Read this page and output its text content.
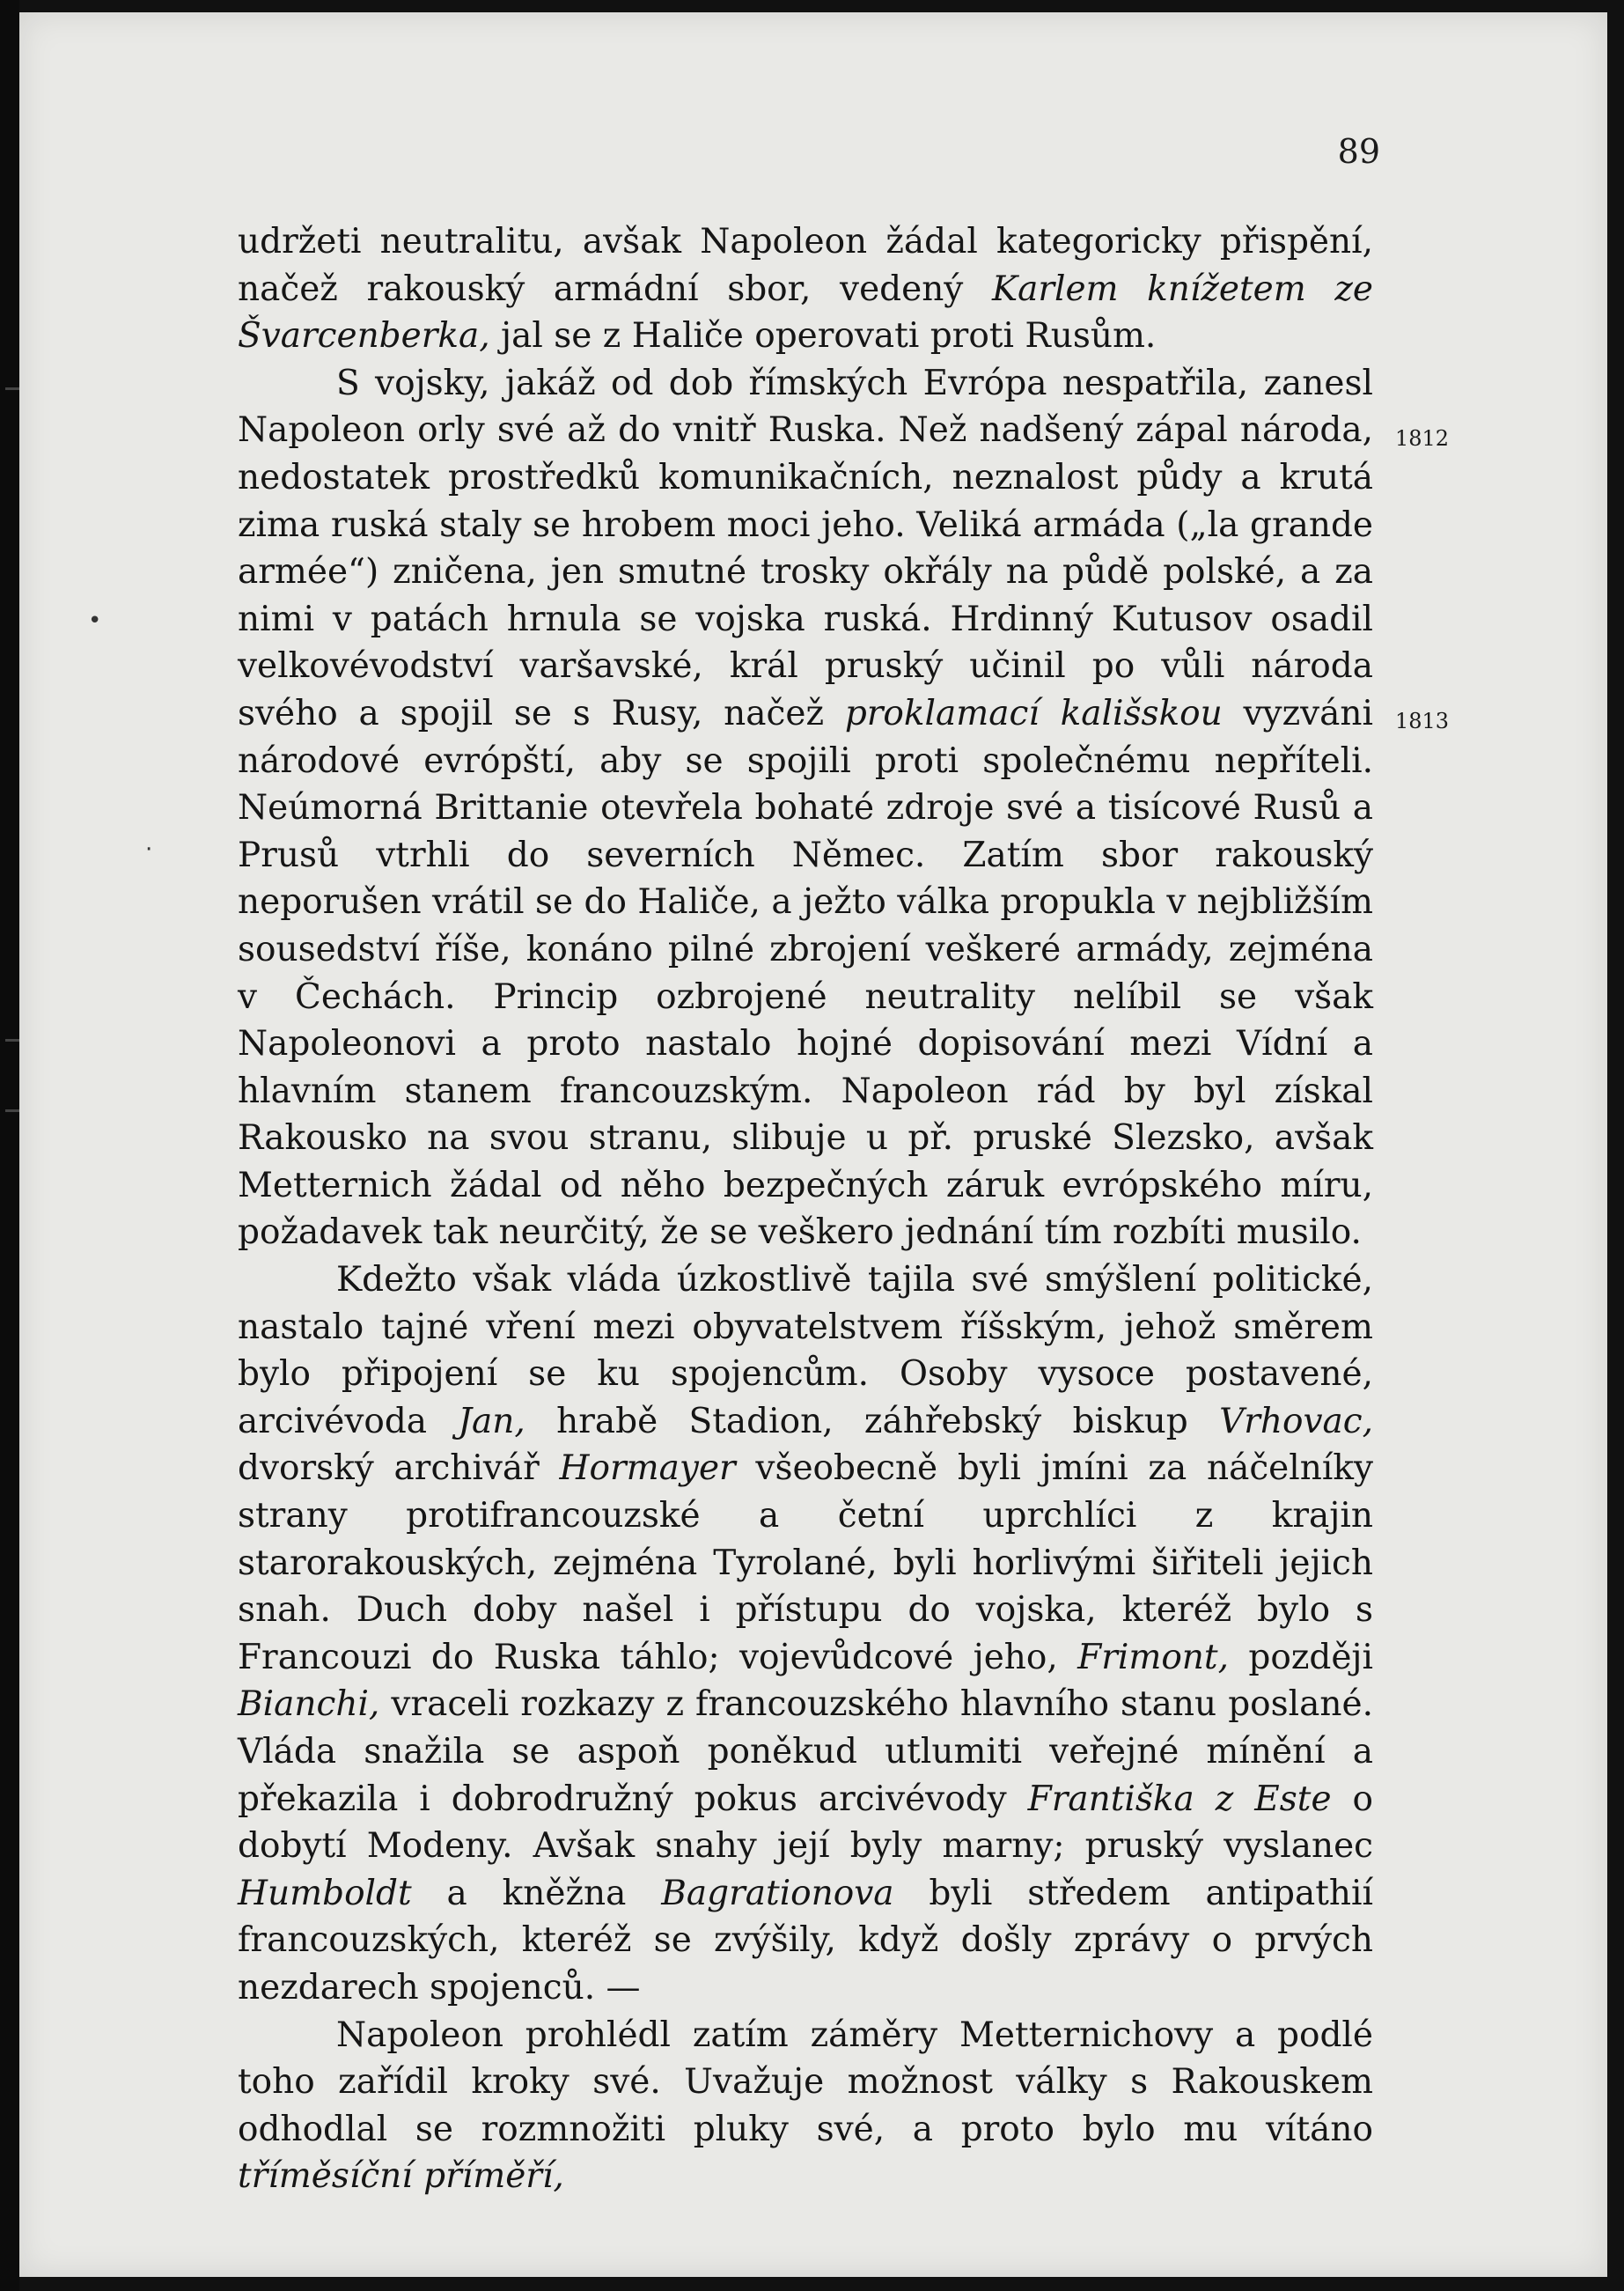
89
1812
1813
•
·

udržeti neutralitu, avšak Napoleon žádal kategoricky přispění, načež rakouský armádní sbor, vedený Karlem knížetem ze Švarcenberka, jal se z Haliče operovati proti Rusům.

S vojsky, jakáž od dob římských Evrópa nespatřila, zanesl Napoleon orly své až do vnitř Ruska. Než nadšený zápal národa, nedostatek prostředků komunikačních, neznalost půdy a krutá zima ruská staly se hrobem moci jeho. Veliká armáda („la grande armée“) zničena, jen smutné trosky okřály na půdě polské, a za nimi v patách hrnula se vojska ruská. Hrdinný Kutusov osadil velkovévodství varšavské, král pruský učinil po vůli národa svého a spojil se s Rusy, načež proklamací kališskou vyzváni národové evrópští, aby se spojili proti společnému nepříteli. Neúmorná Brittanie otevřela bohaté zdroje své a tisícové Rusů a Prusů vtrhli do severních Němec. Zatím sbor rakouský neporušen vrátil se do Haliče, a ježto válka propukla v nejbližším sousedství říše, konáno pilné zbrojení veškeré armády, zejména v Čechách. Princip ozbrojené neutrality nelíbil se však Napoleonovi a proto nastalo hojné dopisování mezi Vídní a hlavním stanem francouzským. Napoleon rád by byl získal Rakousko na svou stranu, slibuje u př. pruské Slezsko, avšak Metternich žádal od něho bezpečných záruk evrópského míru, požadavek tak neurčitý, že se veškero jednání tím rozbíti musilo.

Kdežto však vláda úzkostlivě tajila své smýšlení politické, nastalo tajné vření mezi obyvatelstvem říšským, jehož směrem bylo připojení se ku spojencům. Osoby vysoce postavené, arcivévoda Jan, hrabě Stadion, záhřebský biskup Vrhovac, dvorský archivář Hormayer všeobecně byli jmíni za náčelníky strany protifrancouzské a četní uprchlíci z krajin starorakouských, zejména Tyrolané, byli horlivými šiřiteli jejich snah. Duch doby našel i přístupu do vojska, kteréž bylo s Francouzi do Ruska táhlo; vojevůdcové jeho, Frimont, později Bianchi, vraceli rozkazy z francouzského hlavního stanu poslané. Vláda snažila se aspoň poněkud utlumiti veřejné mínění a překazila i dobrodružný pokus arcivévody Františka z Este o dobytí Modeny. Avšak snahy její byly marny; pruský vyslanec Humboldt a kněžna Bagrationova byli středem antipathií francouzských, kteréž se zvýšily, když došly zprávy o prvých nezdarech spojenců. —

Napoleon prohlédl zatím záměry Metternichovy a podlé toho zařídil kroky své. Uvažuje možnost války s Rakouskem odhodlal se rozmnožiti pluky své, a proto bylo mu vítáno tříměsíční příměří,
